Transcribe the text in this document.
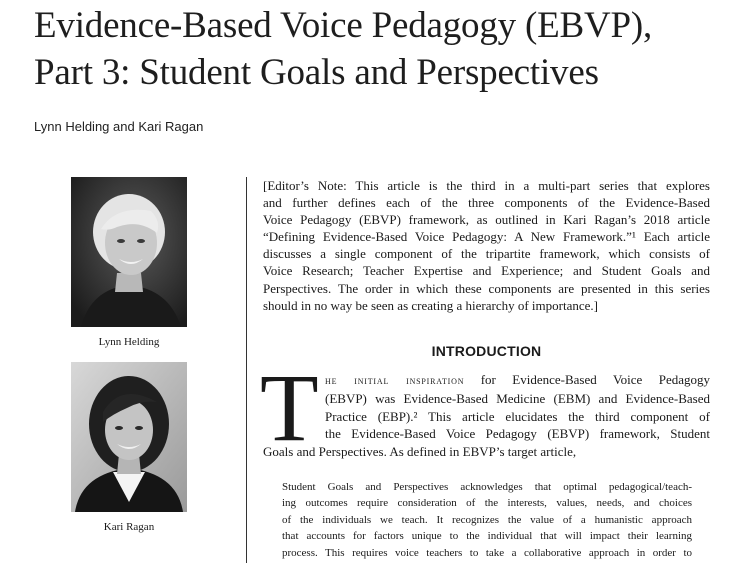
Evidence-Based Voice Pedagogy (EBVP),
Part 3: Student Goals and Perspectives
Lynn Helding and Kari Ragan
Lynn Helding
Kari Ragan
[Editor’s Note: This article is the third in a multi-part series that explores
and further defines each of the three components of the Evidence-Based
Voice Pedagogy (EBVP) framework, as outlined in Kari Ragan’s 2018 article
“Defining Evidence-Based Voice Pedagogy: A New Framework.”¹ Each article
discusses a single component of the tripartite framework, which consists of
Voice Research; Teacher Expertise and Experience; and Student Goals and
Perspectives. The order in which these components are presented in this series
should in no way be seen as creating a hierarchy of importance.]
INTRODUCTION
T he initial inspiration for Evidence-Based Voice Pedagogy
(EBVP) was Evidence-Based Medicine (EBM) and Evidence-Based
Practice (EBP).² This article elucidates the third component of
the Evidence-Based Voice Pedagogy (EBVP) framework, Student
Goals and Perspectives. As defined in EBVP’s target article,
Student Goals and Perspectives acknowledges that optimal pedagogical/teach-
ing outcomes require consideration of the interests, values, needs, and choices
of the individuals we teach. It recognizes the value of a humanistic approach
that accounts for factors unique to the individual that will impact their learning
process. This requires voice teachers to take a collaborative approach in order to
